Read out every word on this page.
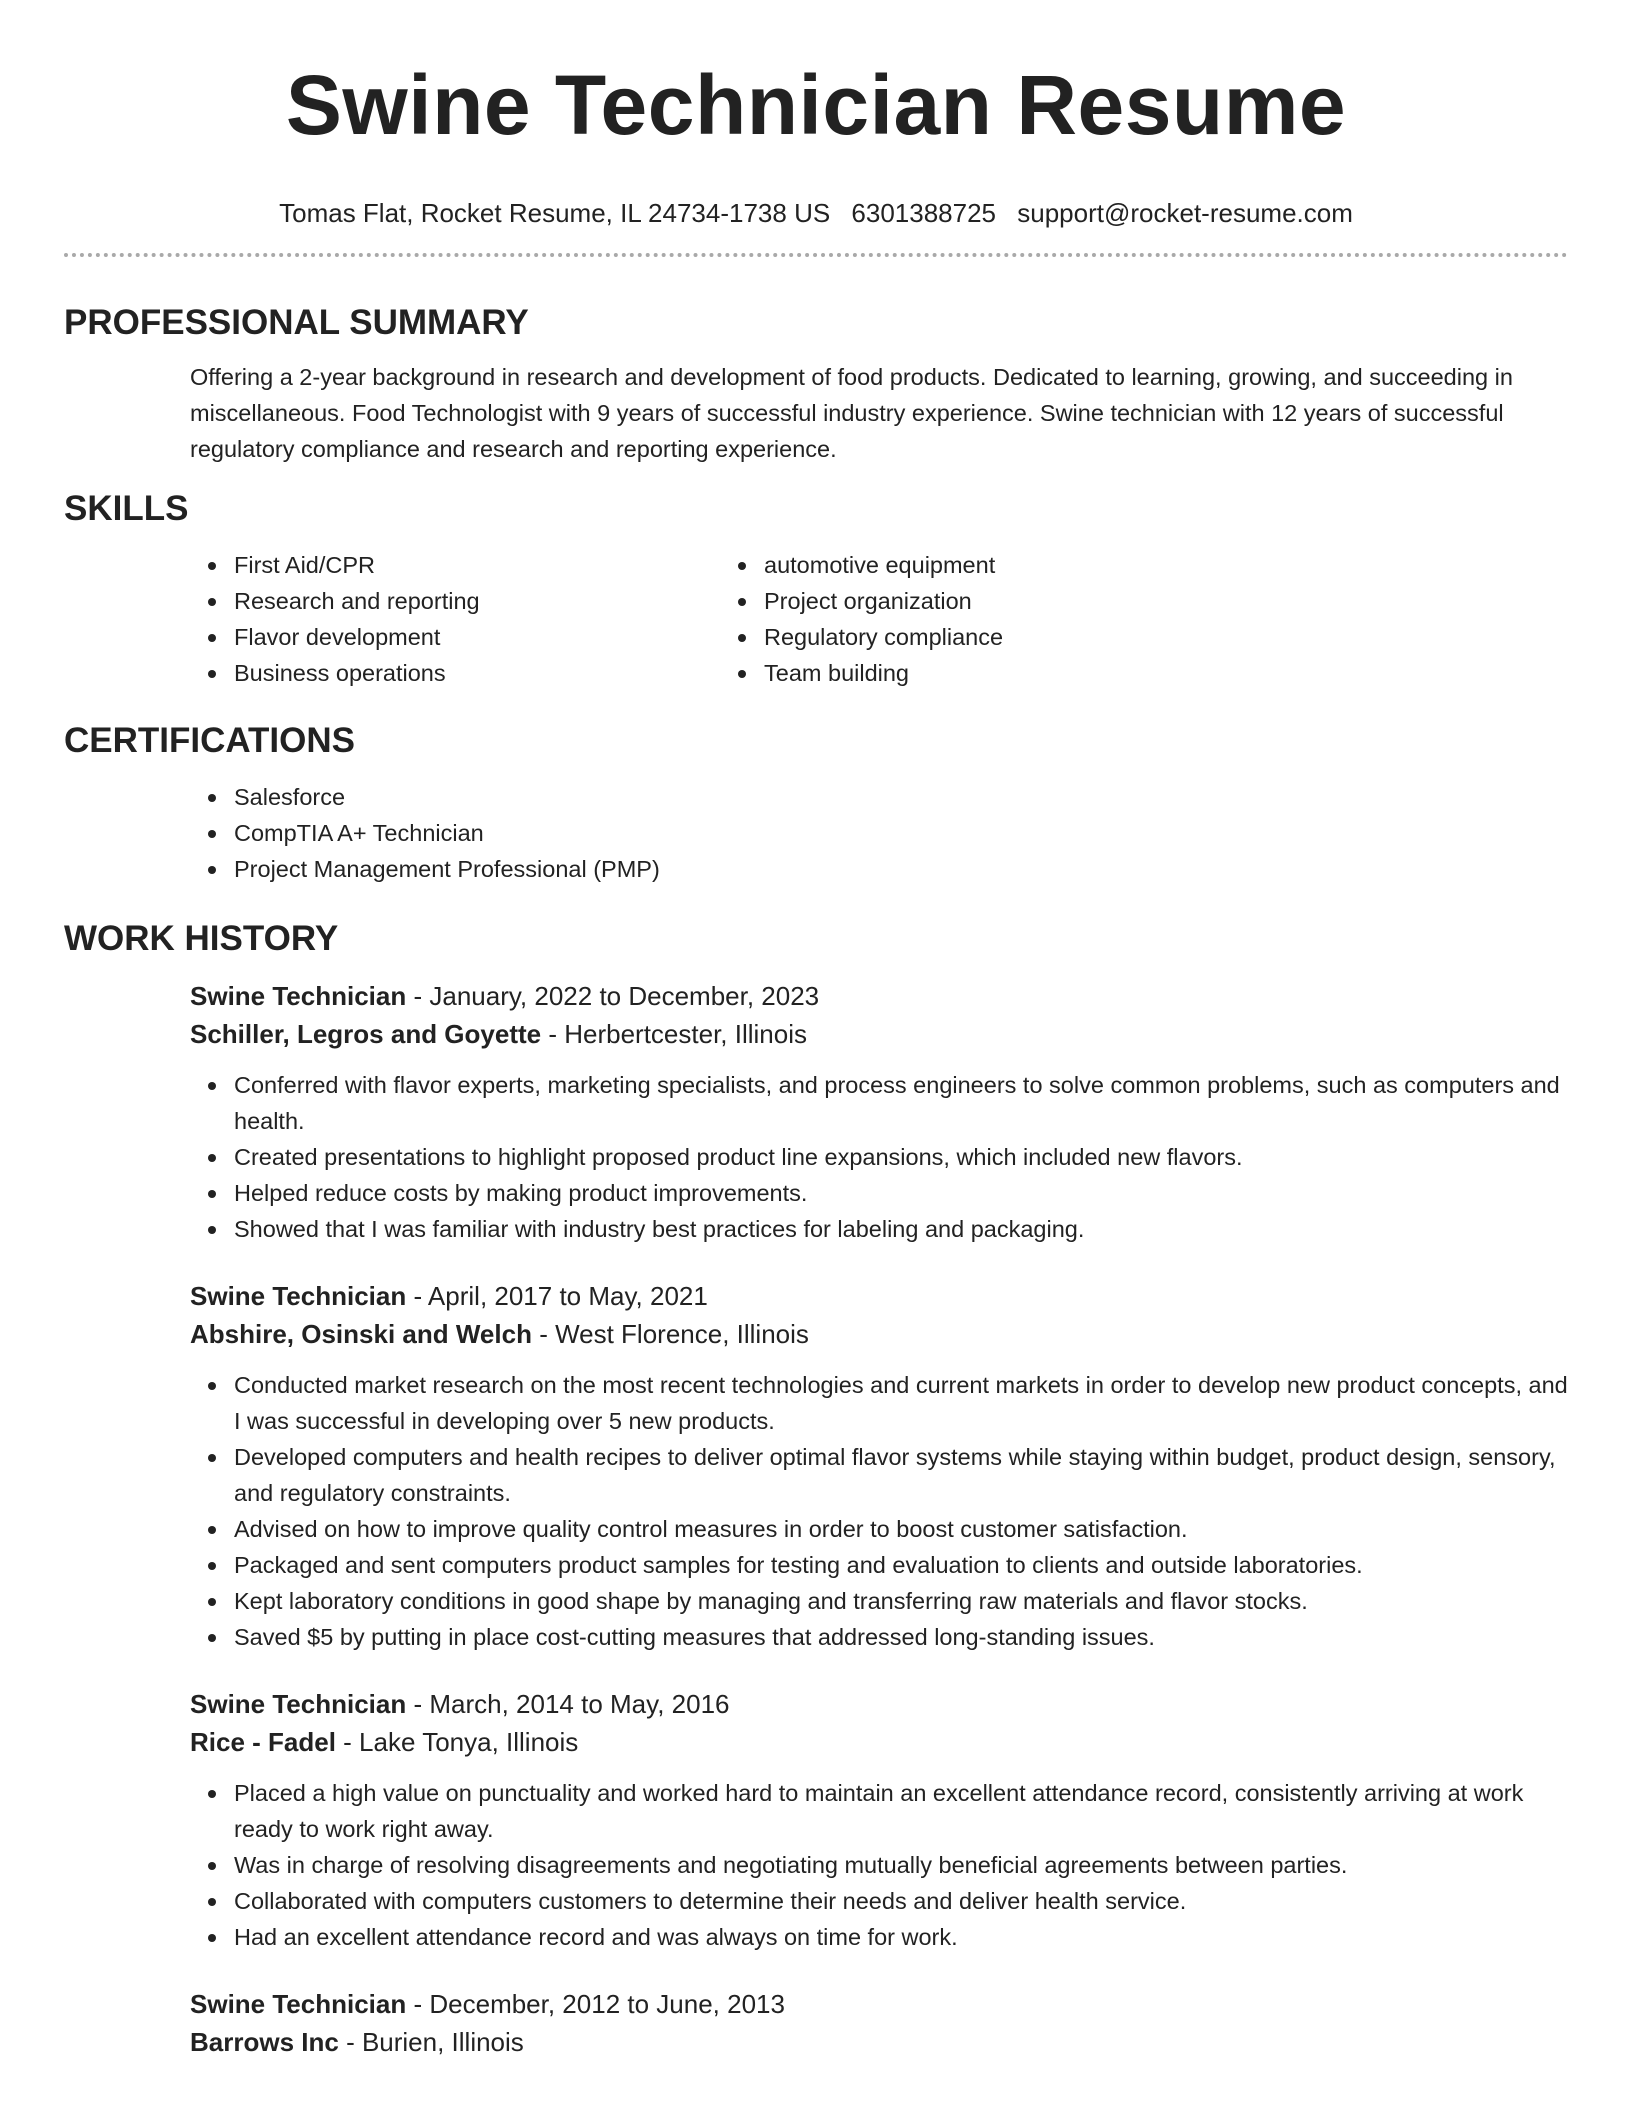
Swine Technician Resume
Tomas Flat, Rocket Resume, IL 24734-1738 US 6301388725 support@rocket-resume.com
PROFESSIONAL SUMMARY

Offering a 2-year background in research and development of food products. Dedicated to learning, growing, and succeeding in miscellaneous. Food Technologist with 9 years of successful industry experience. Swine technician with 12 years of successful regulatory compliance and research and reporting experience.

SKILLS
First Aid/CPR
Research and reporting
Flavor development
Business operations
automotive equipment
Project organization
Regulatory compliance
Team building
CERTIFICATIONS
Salesforce
CompTIA A+ Technician
Project Management Professional (PMP)
WORK HISTORY
Swine Technician - January, 2022 to December, 2023
Schiller, Legros and Goyette - Herbertcester, Illinois
Conferred with flavor experts, marketing specialists, and process engineers to solve common problems, such as computers and health.
Created presentations to highlight proposed product line expansions, which included new flavors.
Helped reduce costs by making product improvements.
Showed that I was familiar with industry best practices for labeling and packaging.
Swine Technician - April, 2017 to May, 2021
Abshire, Osinski and Welch - West Florence, Illinois
Conducted market research on the most recent technologies and current markets in order to develop new product concepts, and I was successful in developing over 5 new products.
Developed computers and health recipes to deliver optimal flavor systems while staying within budget, product design, sensory, and regulatory constraints.
Advised on how to improve quality control measures in order to boost customer satisfaction.
Packaged and sent computers product samples for testing and evaluation to clients and outside laboratories.
Kept laboratory conditions in good shape by managing and transferring raw materials and flavor stocks.
Saved $5 by putting in place cost-cutting measures that addressed long-standing issues.
Swine Technician - March, 2014 to May, 2016
Rice - Fadel - Lake Tonya, Illinois
Placed a high value on punctuality and worked hard to maintain an excellent attendance record, consistently arriving at work ready to work right away.
Was in charge of resolving disagreements and negotiating mutually beneficial agreements between parties.
Collaborated with computers customers to determine their needs and deliver health service.
Had an excellent attendance record and was always on time for work.
Swine Technician - December, 2012 to June, 2013
Barrows Inc - Burien, Illinois
